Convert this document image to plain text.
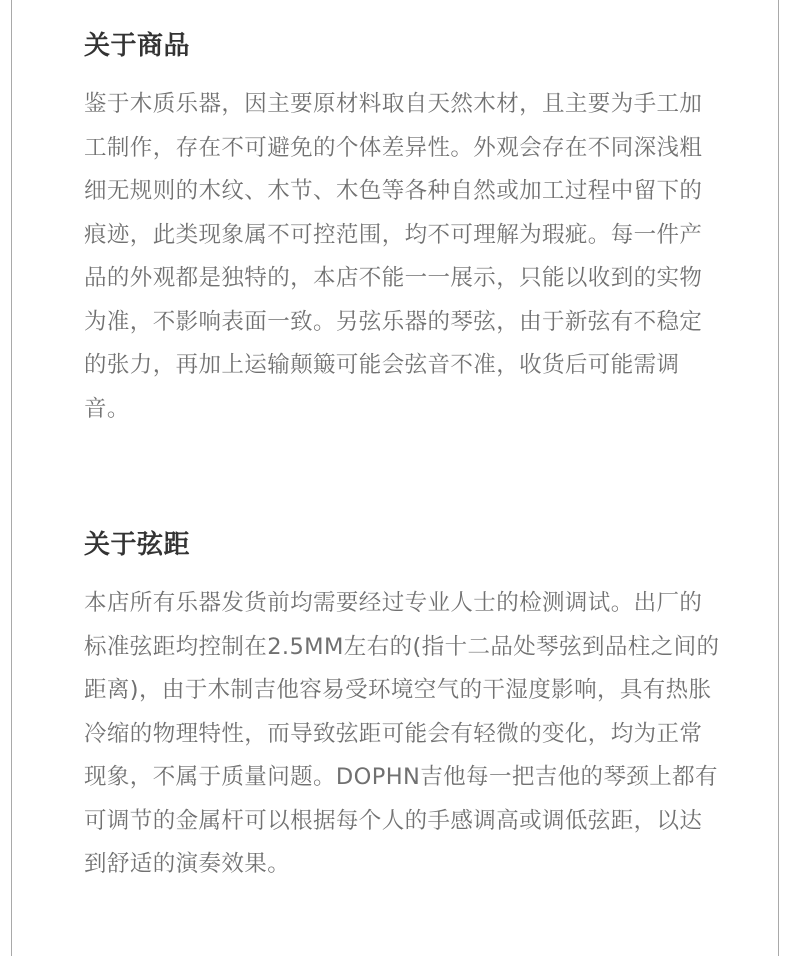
关于商品

鉴于木质乐器，因主要原材料取自天然木材，且主要为手工加工制作，存在不可避免的个体差异性。外观会存在不同深浅粗细无规则的木纹、木节、木色等各种自然或加工过程中留下的痕迹，此类现象属不可控范围，均不可理解为瑕疵。每一件产品的外观都是独特的，本店不能一一展示，只能以收到的实物为准，不影响表面一致。另弦乐器的琴弦，由于新弦有不稳定的张力，再加上运输颠簸可能会弦音不准，收货后可能需调音。

关于弦距

本店所有乐器发货前均需要经过专业人士的检测调试。出厂的标准弦距均控制在2.5MM左右的(指十二品处琴弦到品柱之间的距离)，由于木制吉他容易受环境空气的干湿度影响，具有热胀冷缩的物理特性，而导致弦距可能会有轻微的变化，均为正常现象，不属于质量问题。DOPHN吉他每一把吉他的琴颈上都有可调节的金属杆可以根据每个人的手感调高或调低弦距，以达到舒适的演奏效果。
